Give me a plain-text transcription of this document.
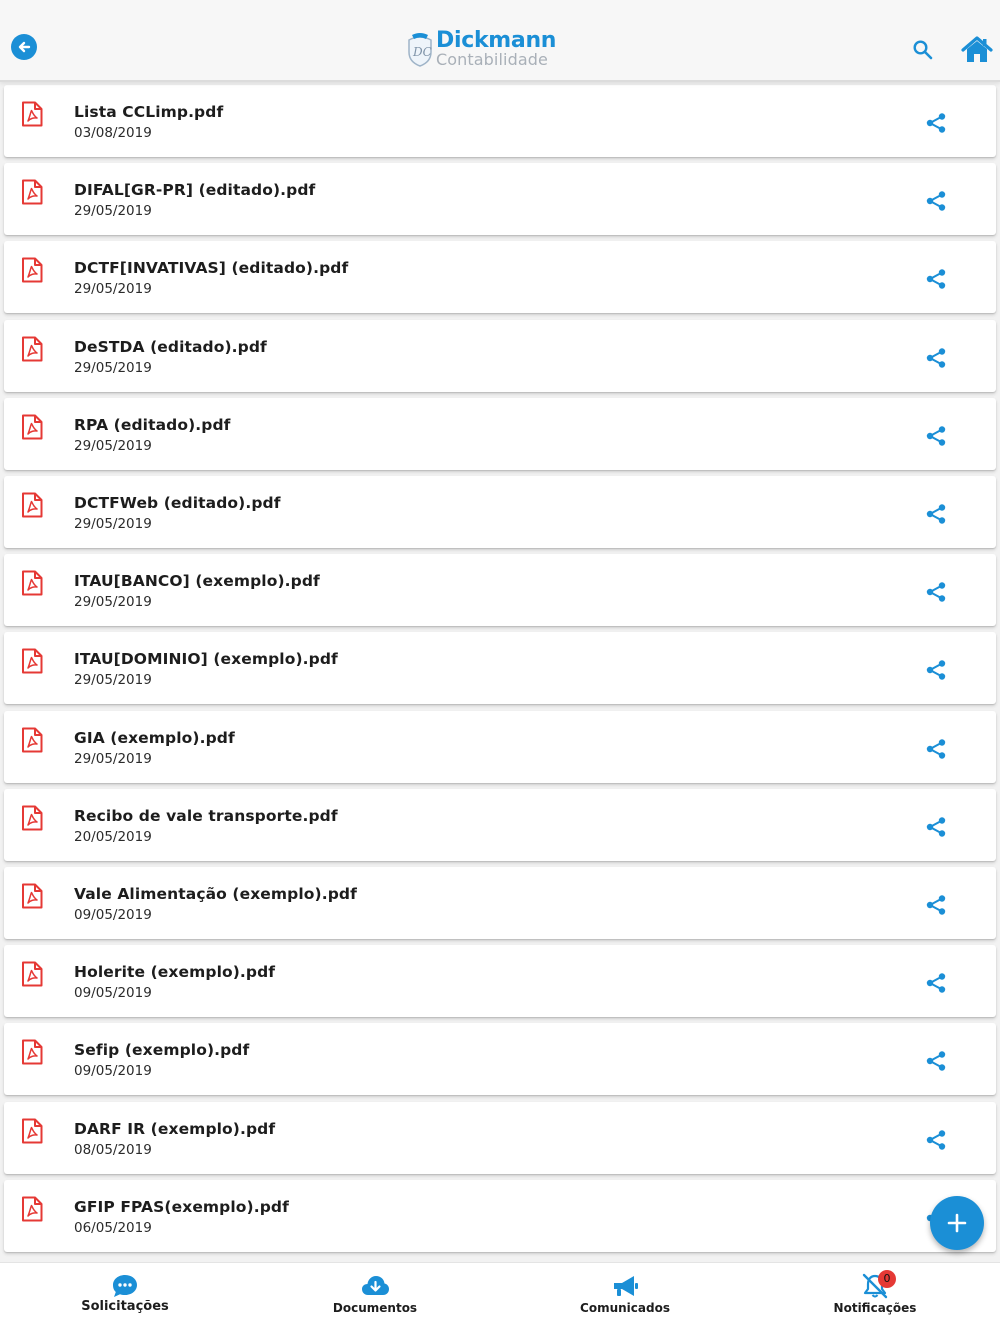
DC Dickmann
Contabilidade
Lista CCLimp.pdf
03/08/2019
DIFAL[GR-PR] (editado).pdf
29/05/2019
DCTF[INVATIVAS] (editado).pdf
29/05/2019
DeSTDA (editado).pdf
29/05/2019
RPA (editado).pdf
29/05/2019
DCTFWeb (editado).pdf
29/05/2019
ITAU[BANCO] (exemplo).pdf
29/05/2019
ITAU[DOMINIO] (exemplo).pdf
29/05/2019
GIA (exemplo).pdf
29/05/2019
Recibo de vale transporte.pdf
20/05/2019
Vale Alimentação (exemplo).pdf
09/05/2019
Holerite (exemplo).pdf
09/05/2019
Sefip (exemplo).pdf
09/05/2019
DARF IR (exemplo).pdf
08/05/2019
GFIP FPAS(exemplo).pdf
06/05/2019
Solicitações	Documentos	Comunicados	Notificações
0
